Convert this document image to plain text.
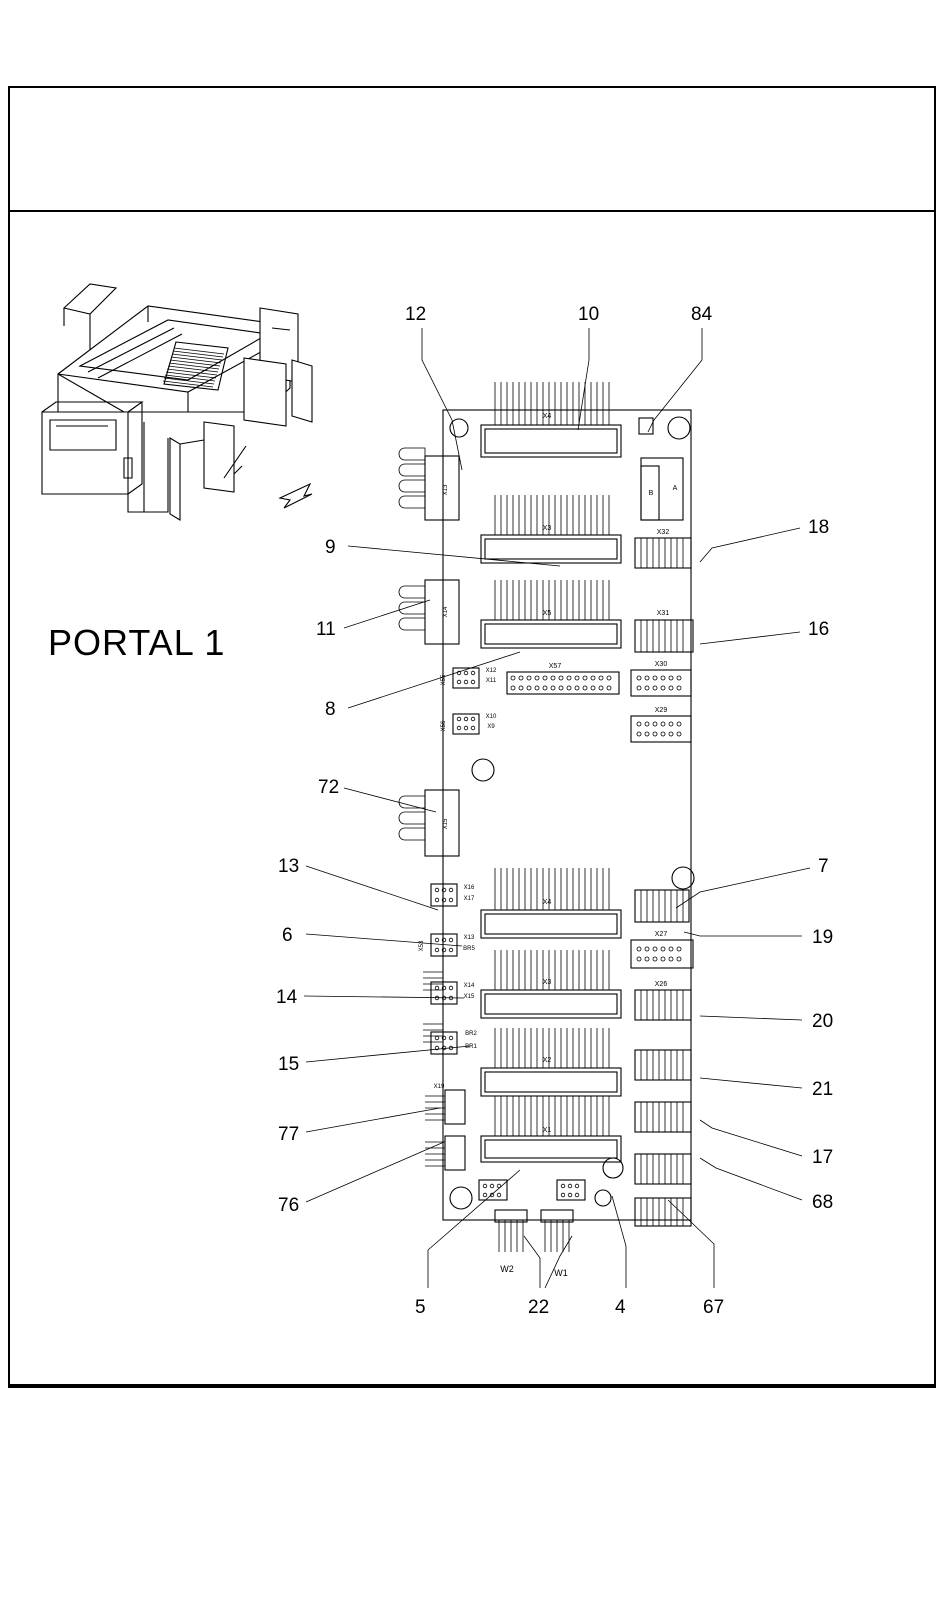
PORTAL 1
X4
A
B
X3
X32
X5	X31
X57	X30
X29
X12
X11
X55
X10
X9
X56
X4
X27
X3	X26
X2
X1
W2	W1
X13
X14
X15
X16
X17
X13
BR5
X53
X14
X15
BR2
BR1
X19
12	10	84
18
16
9
11
8
72
13
6
14
15
77
76
7
19
20
21
17
68
5	22	4	67
